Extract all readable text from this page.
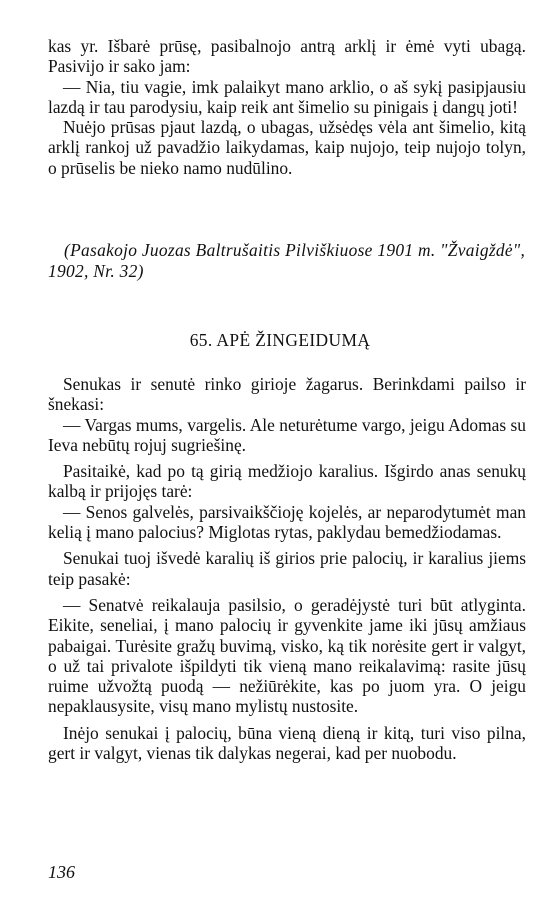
kas yr. Išbarė prūsę, pasibalnojo antrą arklį ir ėmė vyti ubagą. Pasivijo ir sako jam:

— Nia, tiu vagie, imk palaikyt mano arklio, o aš sykį pasipjausiu lazdą ir tau parodysiu, kaip reik ant šimelio su pinigais į dangų joti!

Nuėjo prūsas pjaut lazdą, o ubagas, užsėdęs vėla ant šimelio, kitą arklį rankoj už pavadžio laikydamas, kaip nujojo, teip nujojo tolyn, o prūselis be nieko namo nudūlino.

(Pasakojo Juozas Baltrušaitis Pilviškiuose 1901 m. "Žvaigždė", 1902, Nr. 32)
65. APĖ ŽINGEIDUMĄ

Senukas ir senutė rinko girioje žagarus. Berinkdami pailso ir šnekasi:

— Vargas mums, vargelis. Ale neturėtume vargo, jeigu Adomas su Ieva nebūtų rojuj sugriešinę.

Pasitaikė, kad po tą girią medžiojo karalius. Išgirdo anas senukų kalbą ir prijojęs tarė:

— Senos galvelės, parsivaikščioję kojelės, ar neparodytumėt man kelią į mano palocius? Miglotas rytas, paklydau bemedžiodamas.

Senukai tuoj išvedė karalių iš girios prie palocių, ir karalius jiems teip pasakė:

— Senatvė reikalauja pasilsio, o geradėjystė turi būt atlyginta. Eikite, seneliai, į mano palocių ir gyvenkite jame iki jūsų amžiaus pabaigai. Turėsite gražų buvimą, visko, ką tik norėsite gert ir valgyt, o už tai privalote išpildyti tik vieną mano reikalavimą: rasite jūsų ruime užvožtą puodą — nežiūrėkite, kas po juom yra. O jeigu nepaklausysite, visų mano mylistų nustosite.

Inėjo senukai į palocių, būna vieną dieną ir kitą, turi viso pilna, gert ir valgyt, vienas tik dalykas negerai, kad per nuobodu.

136
